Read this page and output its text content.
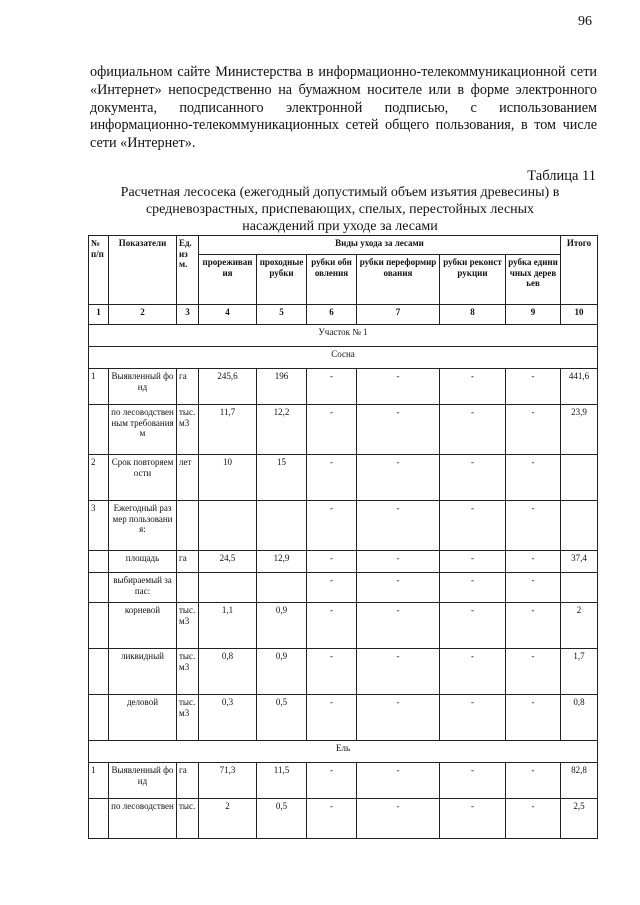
96

официальном сайте Министерства в информационно-телекоммуникационной сети «Интернет» непосредственно на бумажном носителе или в форме электронного документа, подписанного электронной подписью, с использованием информационно-телекоммуникационных сетей общего пользования, в том числе сети «Интернет».

Таблица 11
Расчетная лесосека (ежегодный допустимый объем изъятия древесины) в средневозрастных, приспевающих, спелых, перестойных лесных насаждений при уходе за лесами
№ п/п	Показатели	Ед. изм.	Виды ухода за лесами						Итого
			прореживания	проходные рубки	рубки обновления	рубки переформирования	рубки реконструкции	рубка единичных деревьев	
1	2	3	4	5	6	7	8	9	10
Участок № 1									
Сосна									
1	Выявленный фонд	га	245,6	196	-	-	-	-	441,6
	по лесоводственным требованиям	тыс. м3	11,7	12,2	-	-	-	-	23,9
2	Срок повторяемости	лет	10	15	-	-	-	-	
3	Ежегодный размер пользования:				-	-	-	-	
	площадь	га	24,5	12,9	-	-	-	-	37,4
	выбираемый запас:				-	-	-	-	
	корневой	тыс. м3	1,1	0,9	-	-	-	-	2
	ликвидный	тыс. м3	0,8	0,9	-	-	-	-	1,7
	деловой	тыс. м3	0,3	0,5	-	-	-	-	0,8
Ель									
1	Выявленный фонд	га	71,3	11,5	-	-	-	-	82,8
	по лесоводствен	тыс.	2	0,5	-	-	-	-	2,5
